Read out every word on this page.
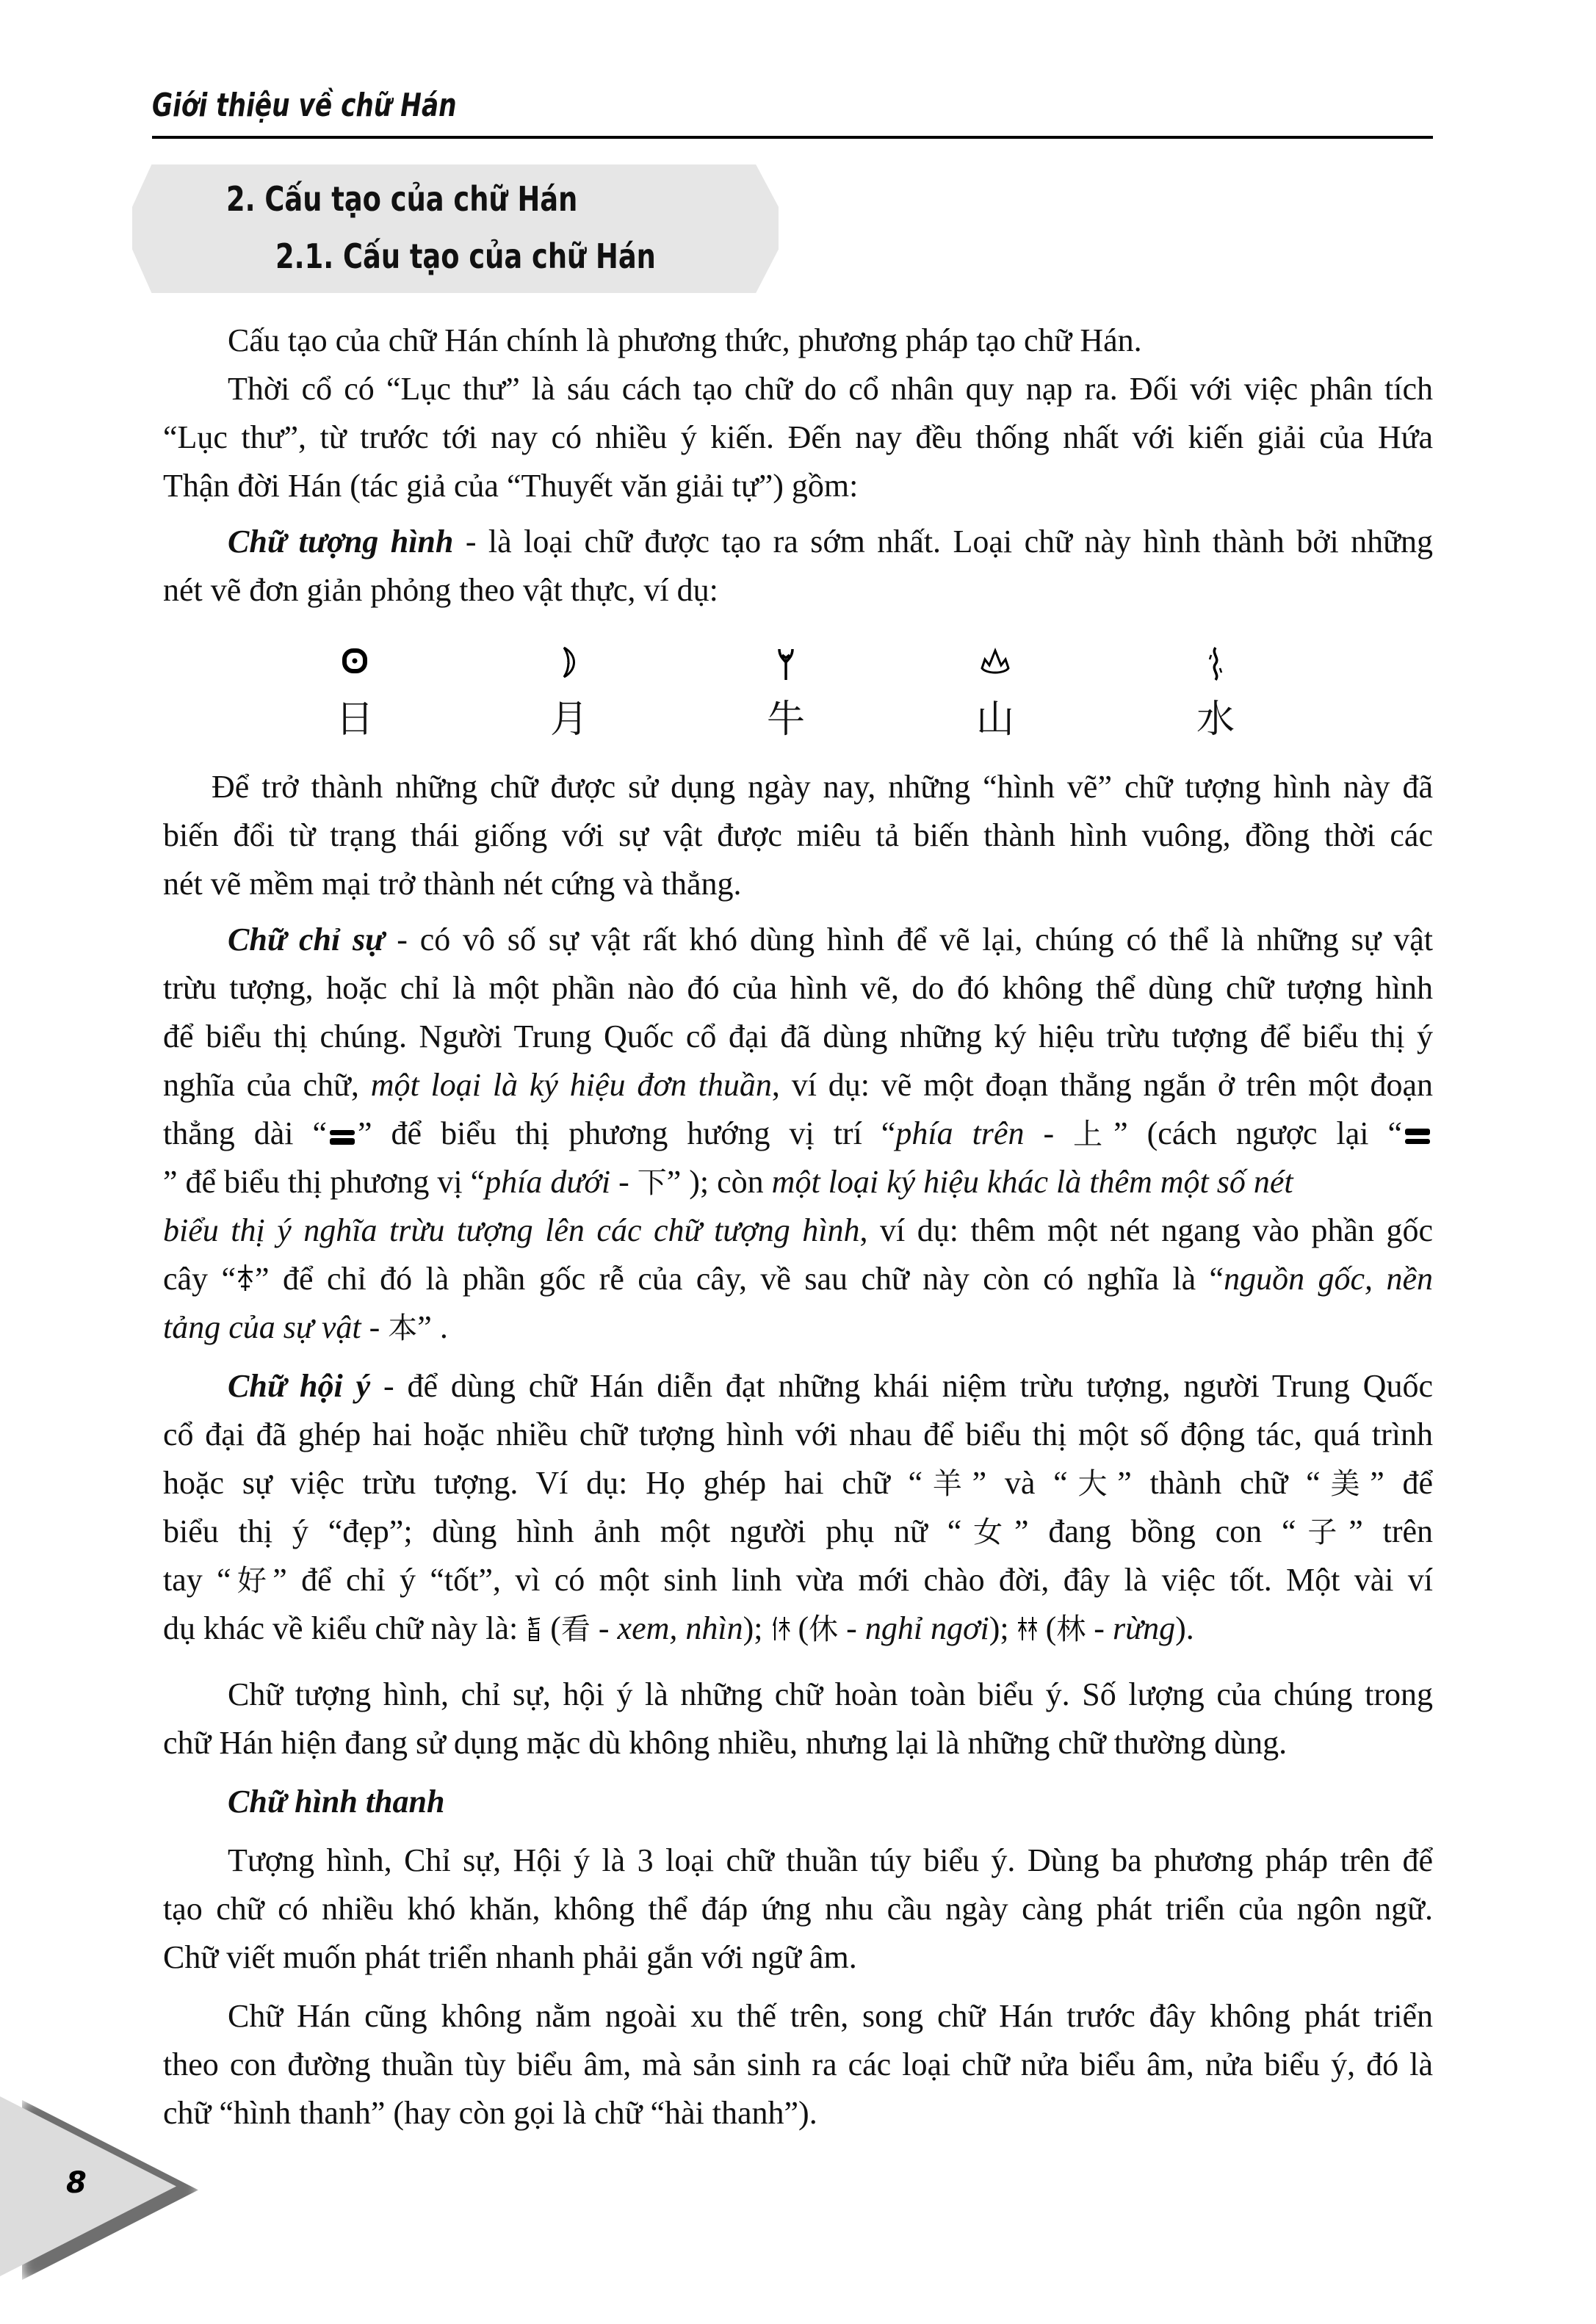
Giới thiệu về chữ Hán
2. Cấu tạo của chữ Hán
2.1. Cấu tạo của chữ Hán
Cấu tạo của chữ Hán chính là phương thức, phương pháp tạo chữ Hán.
Thời cổ có “Lục thư” là sáu cách tạo chữ do cổ nhân quy nạp ra. Đối với việc phân tích
“Lục thư”, từ trước tới nay có nhiều ý kiến. Đến nay đều thống nhất với kiến giải của Hứa
Thận đời Hán (tác giả của “Thuyết văn giải tự”) gồm:
Chữ tượng hình - là loại chữ được tạo ra sớm nhất. Loại chữ này hình thành bởi những
nét vẽ đơn giản phỏng theo vật thực, ví dụ:
日	月	牛	山	水
Để trở thành những chữ được sử dụng ngày nay, những “hình vẽ” chữ tượng hình này đã
biến đổi từ trạng thái giống với sự vật được miêu tả biến thành hình vuông, đồng thời các
nét vẽ mềm mại trở thành nét cứng và thẳng.
Chữ chỉ sự - có vô số sự vật rất khó dùng hình để vẽ lại, chúng có thể là những sự vật
trừu tượng, hoặc chỉ là một phần nào đó của hình vẽ, do đó không thể dùng chữ tượng hình
để biểu thị chúng. Người Trung Quốc cổ đại đã dùng những ký hiệu trừu tượng để biểu thị ý
nghĩa của chữ, một loại là ký hiệu đơn thuần, ví dụ: vẽ một đoạn thẳng ngắn ở trên một đoạn
thẳng dài “ ” để biểu thị phương hướng vị trí “phía trên - 上” (cách ngược lại “
” để biểu thị phương vị “phía dưới - 下” ); còn một loại ký hiệu khác là thêm một số nét
biểu thị ý nghĩa trừu tượng lên các chữ tượng hình, ví dụ: thêm một nét ngang vào phần gốc
cây “ ” để chỉ đó là phần gốc rễ của cây, về sau chữ này còn có nghĩa là “nguồn gốc, nền
tảng của sự vật - 本” .
Chữ hội ý - để dùng chữ Hán diễn đạt những khái niệm trừu tượng, người Trung Quốc
cổ đại đã ghép hai hoặc nhiều chữ tượng hình với nhau để biểu thị một số động tác, quá trình
hoặc sự việc trừu tượng. Ví dụ: Họ ghép hai chữ “羊” và “大” thành chữ “美” để
biểu thị ý “đẹp”; dùng hình ảnh một người phụ nữ “女” đang bồng con “子” trên
tay “好” để chỉ ý “tốt”, vì có một sinh linh vừa mới chào đời, đây là việc tốt. Một vài ví
dụ khác về kiểu chữ này là:  (看 - xem, nhìn);  (休 - nghỉ ngơi);  (林 - rừng).
Chữ tượng hình, chỉ sự, hội ý là những chữ hoàn toàn biểu ý. Số lượng của chúng trong
chữ Hán hiện đang sử dụng mặc dù không nhiều, nhưng lại là những chữ thường dùng.
Chữ hình thanh
Tượng hình, Chỉ sự, Hội ý là 3 loại chữ thuần túy biểu ý. Dùng ba phương pháp trên để
tạo chữ có nhiều khó khăn, không thể đáp ứng nhu cầu ngày càng phát triển của ngôn ngữ.
Chữ viết muốn phát triển nhanh phải gắn với ngữ âm.
Chữ Hán cũng không nằm ngoài xu thế trên, song chữ Hán trước đây không phát triển
theo con đường thuần tùy biểu âm, mà sản sinh ra các loại chữ nửa biểu âm, nửa biểu ý, đó là
chữ “hình thanh” (hay còn gọi là chữ “hài thanh”).
8
